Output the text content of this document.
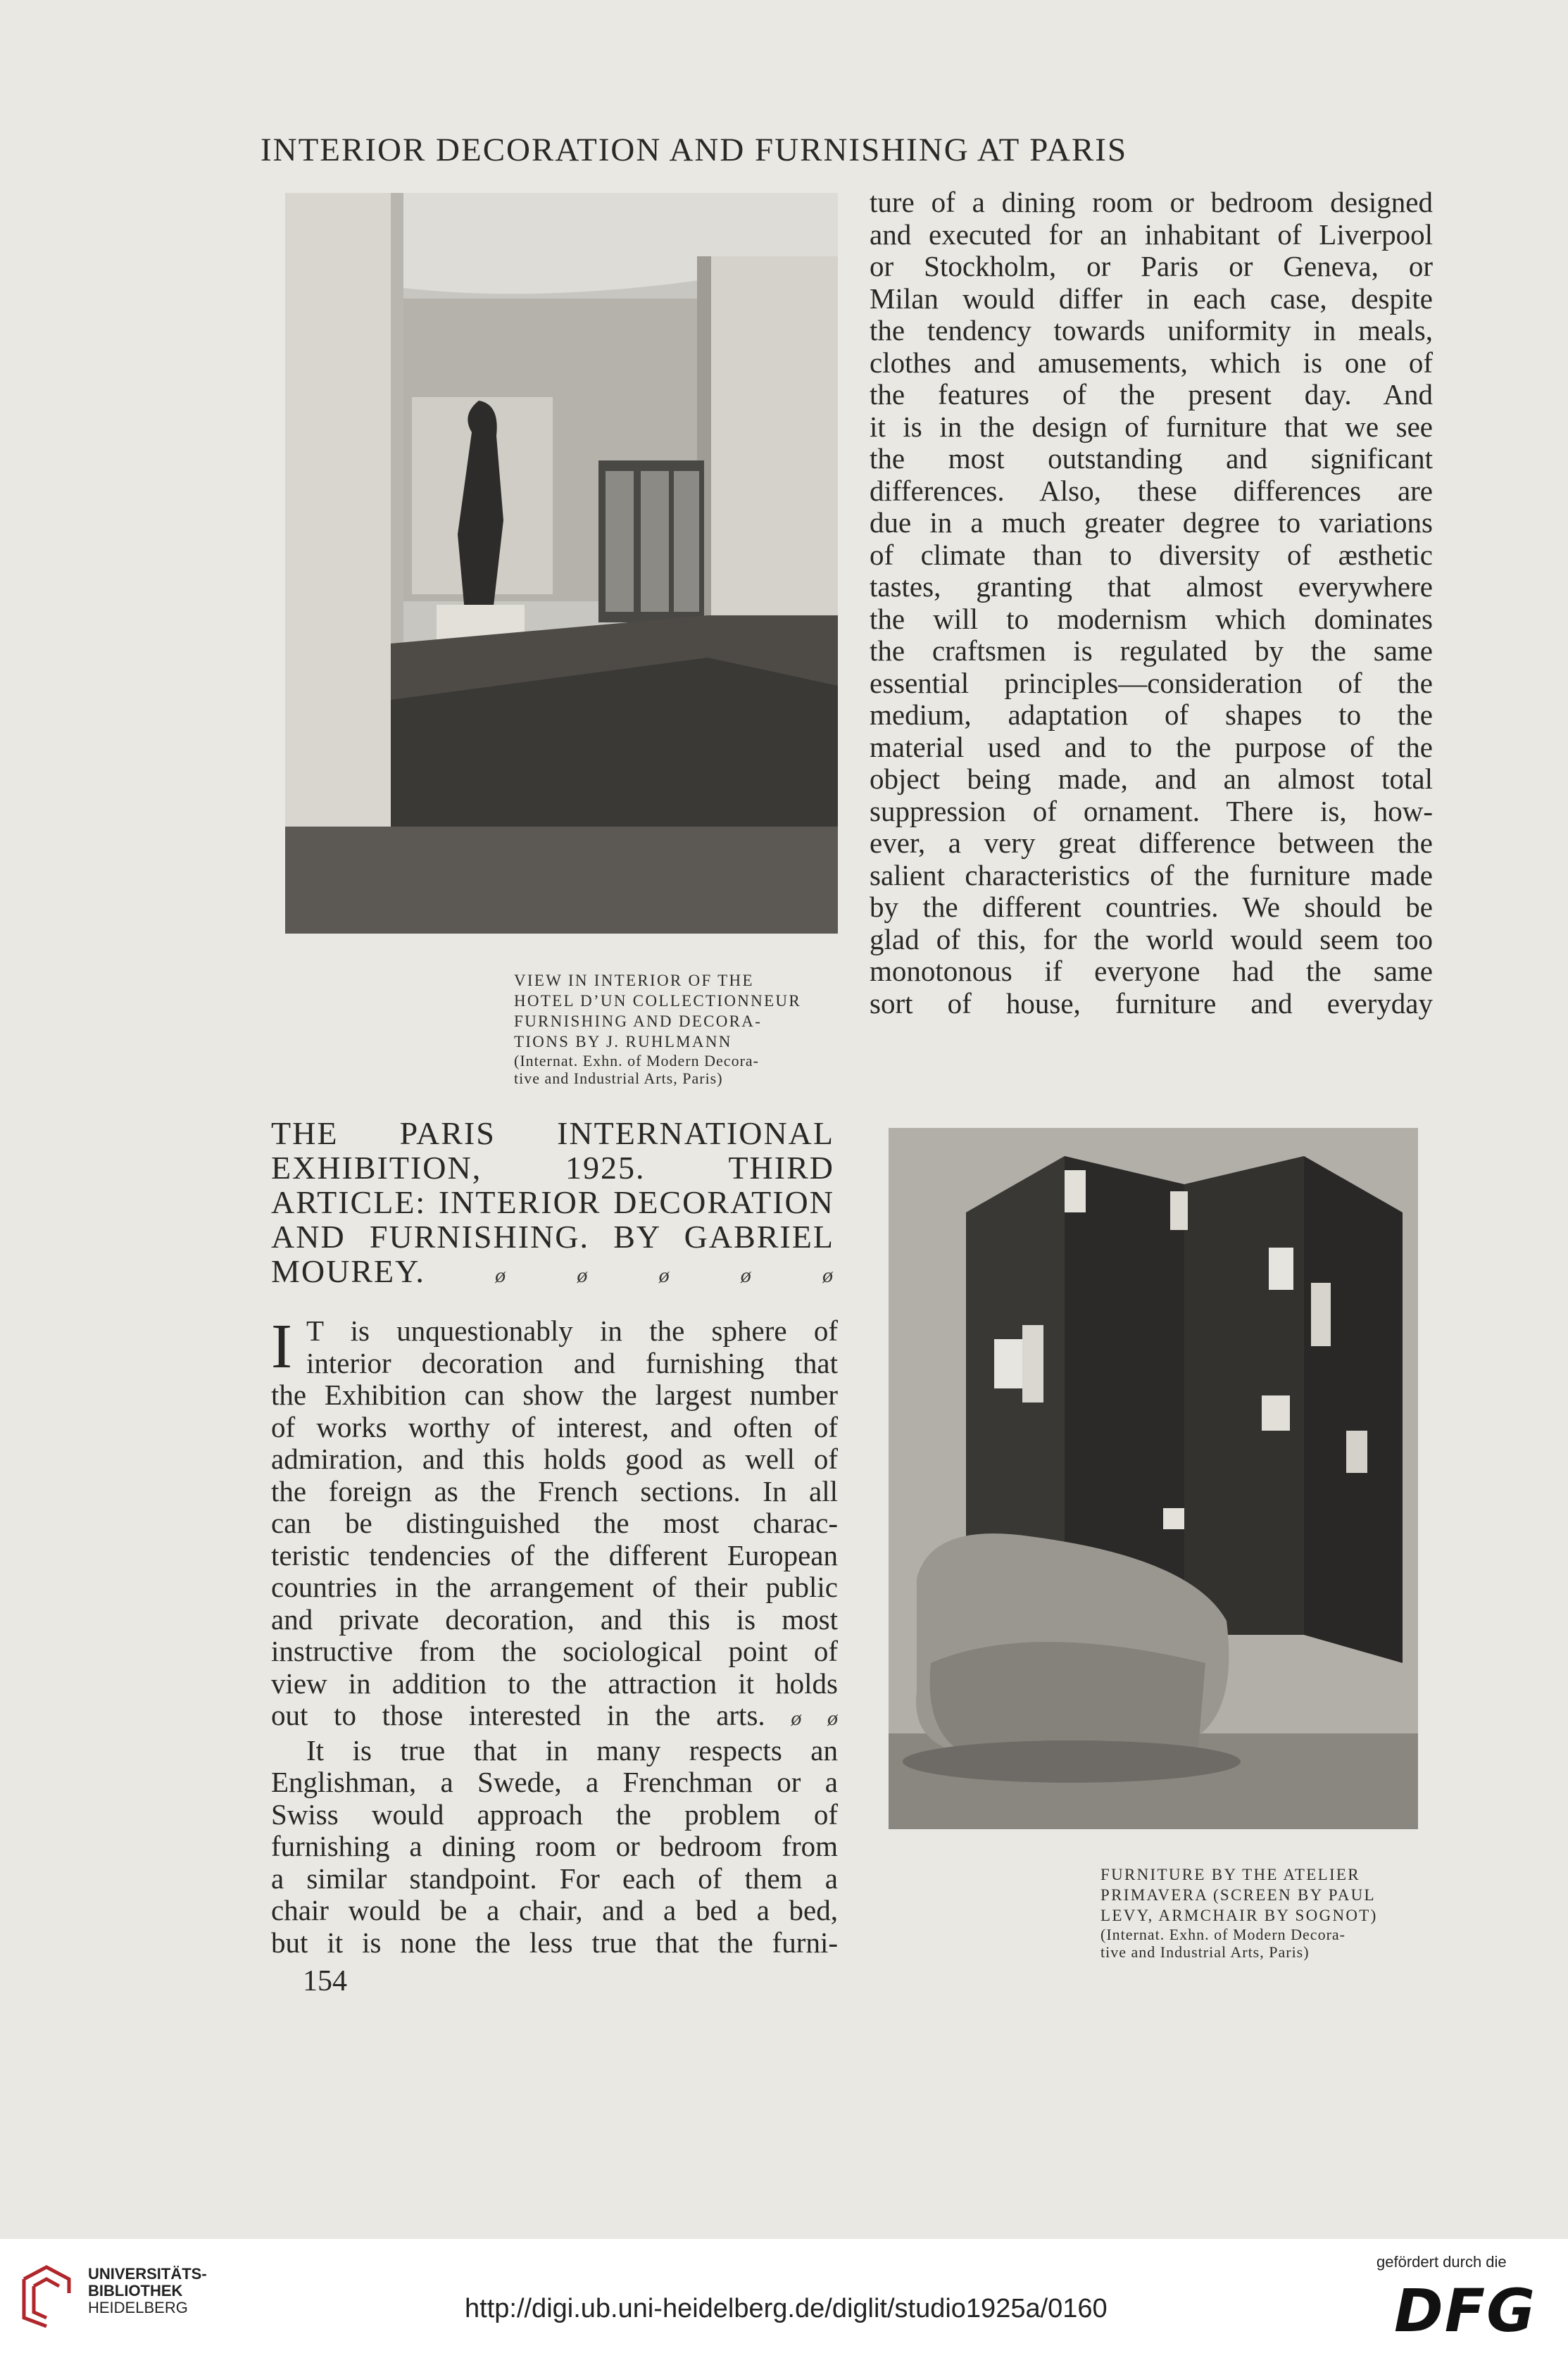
INTERIOR DECORATION AND FURNISHING AT PARIS
VIEW IN INTERIOR OF THE
HOTEL D’UN COLLECTIONNEUR
FURNISHING AND DECORA-
TIONS BY J. RUHLMANN
(Internat. Exhn. of Modern Decora-
tive and Industrial Arts, Paris)
ture of a dining room or bedroom designed
and executed for an inhabitant of Liverpool
or Stockholm, or Paris or Geneva, or
Milan would differ in each case, despite
the tendency towards uniformity in meals,
clothes and amusements, which is one of
the features of the present day. And
it is in the design of furniture that we see
the most outstanding and significant
differences. Also, these differences are
due in a much greater degree to variations
of climate than to diversity of æsthetic
tastes, granting that almost everywhere
the will to modernism which dominates
the craftsmen is regulated by the same
essential principles—consideration of the
medium, adaptation of shapes to the
material used and to the purpose of the
object being made, and an almost total
suppression of ornament. There is, how-
ever, a very great difference between the
salient characteristics of the furniture made
by the different countries. We should be
glad of this, for the world would seem too
monotonous if everyone had the same
sort of house, furniture and everyday
THE PARIS INTERNATIONAL
EXHIBITION, 1925. THIRD
ARTICLE: INTERIOR DECORATION
AND FURNISHING. BY GABRIEL
MOUREY.	ø	ø	ø	ø	ø
I T is unquestionably in the sphere of
interior decoration and furnishing that
the Exhibition can show the largest number
of works worthy of interest, and often of
admiration, and this holds good as well of
the foreign as the French sections. In all
can be distinguished the most charac-
teristic tendencies of the different European
countries in the arrangement of their public
and private decoration, and this is most
instructive from the sociological point of
view in addition to the attraction it holds
out to those interested in the arts. ø ø
It is true that in many respects an
Englishman, a Swede, a Frenchman or a
Swiss would approach the problem of
furnishing a dining room or bedroom from
a similar standpoint. For each of them a
chair would be a chair, and a bed a bed,
but it is none the less true that the furni-
FURNITURE BY THE ATELIER
PRIMAVERA (SCREEN BY PAUL
LEVY, ARMCHAIR BY SOGNOT)
(Internat. Exhn. of Modern Decora-
tive and Industrial Arts, Paris)
154
UNIVERSITÄTS-
BIBLIOTHEK
HEIDELBERG	http://digi.ub.uni-heidelberg.de/diglit/studio1925a/0160
gefördert durch die
DFG
